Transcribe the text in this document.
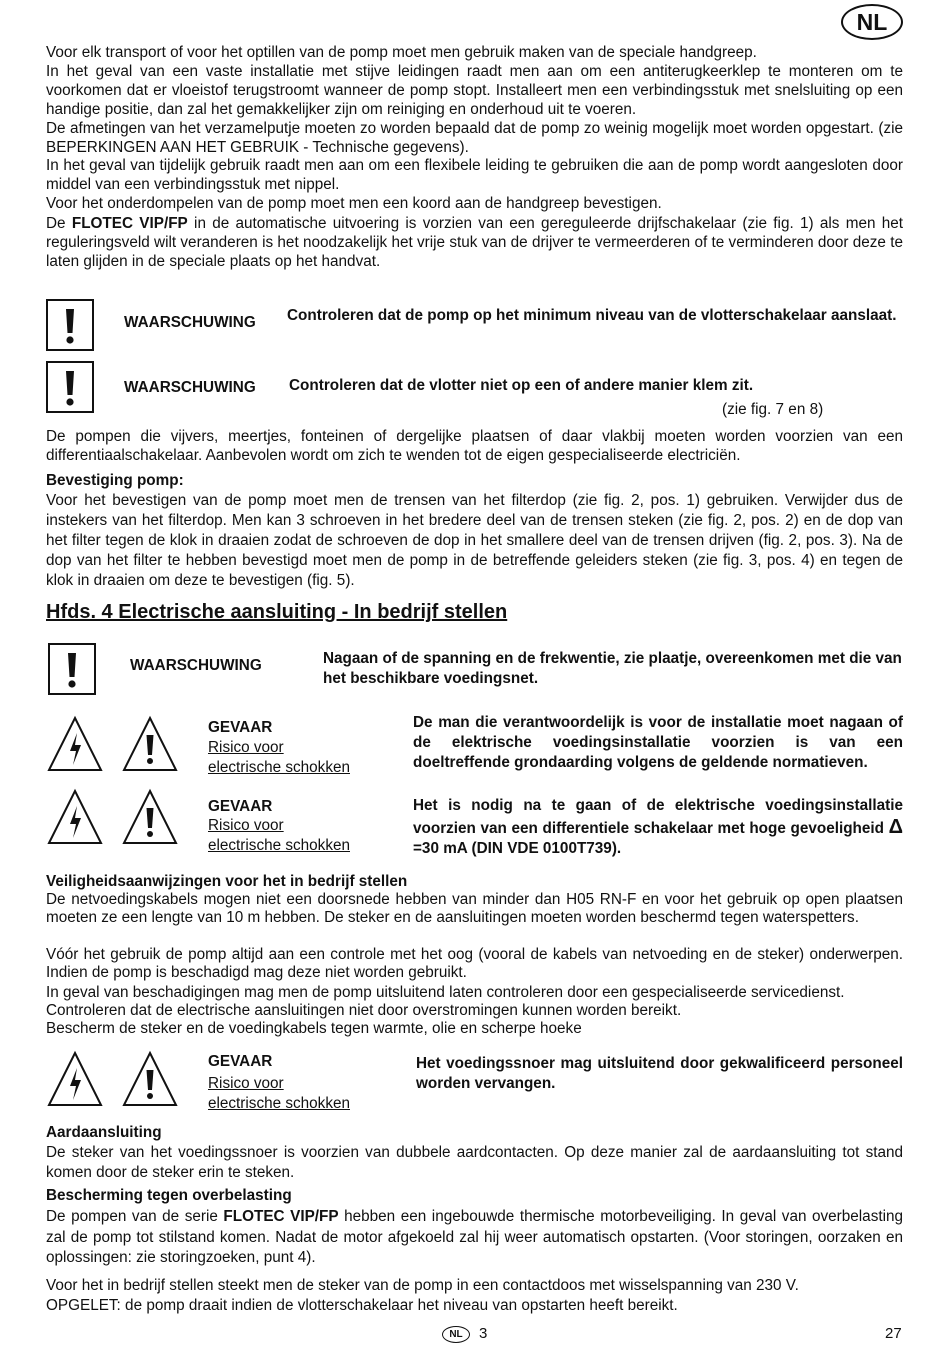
NL

Voor elk transport of voor het optillen van de pomp moet men gebruik maken van de speciale handgreep.

In het geval van een vaste installatie met stijve leidingen raadt men aan om een antiterugkeerklep te monteren om te voorkomen dat er vloeistof terugstroomt wanneer de pomp stopt. Installeert men een verbindingsstuk met snelsluiting op een handige positie, dan zal het gemakkelijker zijn om reiniging en onderhoud uit te voeren.

De afmetingen van het verzamelputje moeten zo worden bepaald dat de pomp zo weinig mogelijk moet worden opgestart. (zie BEPERKINGEN AAN HET GEBRUIK - Technische gegevens).

In het geval van tijdelijk gebruik raadt men aan om een flexibele leiding te gebruiken die aan de pomp wordt aangesloten door middel van een verbindingsstuk met nippel.

Voor het onderdompelen van de pomp moet men een koord aan de handgreep bevestigen.

De FLOTEC VIP/FP in de automatische uitvoering is vorzien van een gereguleerde drijfschakelaar (zie fig. 1) als men het reguleringsveld wilt veranderen is het noodzakelijk het vrije stuk van de drijver te vermeerderen of te verminderen door deze te laten glijden in de speciale plaats op het handvat.

WAARSCHUWING Controleren dat de pomp op het minimum niveau van de vlotterschakelaar aanslaat.
WAARSCHUWING Controleren dat de vlotter niet op een of andere manier klem zit.
(zie fig. 7 en 8)

De pompen die vijvers, meertjes, fonteinen of dergelijke plaatsen of daar vlakbij moeten worden voorzien van een differentiaalschakelaar. Aanbevolen wordt om zich te wenden tot de eigen gespecialiseerde electriciën.

Bevestiging pomp:

Voor het bevestigen van de pomp moet men de trensen van het filterdop (zie fig. 2, pos. 1) gebruiken. Verwijder dus de instekers van het filterdop. Men kan 3 schroeven in het bredere deel van de trensen steken (zie fig. 2, pos. 2) en de dop van het filter tegen de klok in draaien zodat de schroeven de dop in het smallere deel van de trensen drijven (fig. 2, pos. 3). Na de dop van het filter te hebben bevestigd moet men de pomp in de betreffende geleiders steken (zie fig. 3, pos. 4) en tegen de klok in draaien om deze te bevestigen (fig. 5).

Hfds. 4 Electrische aansluiting - In bedrijf stellen
WAARSCHUWING	Nagaan of de spanning en de frekwentie, zie plaatje, overeenkomen met die van het beschikbare voedingsnet.
GEVAAR
Risico voor
electrische schokken
De man die verantwoordelijk is voor de installatie moet nagaan of de elektrische voedingsinstallatie voorzien is van een doeltreffende grondaarding volgens de geldende normatieven.
GEVAAR
Risico voor
electrische schokken
Het is nodig na te gaan of de elektrische voedingsinstallatie voorzien van een differentiele schakelaar met hoge gevoeligheid Δ =30 mA (DIN VDE 0100T739).

Veiligheidsaanwijzingen voor het in bedrijf stellen

De netvoedingskabels mogen niet een doorsnede hebben van minder dan H05 RN-F en voor het gebruik op open plaatsen moeten ze een lengte van 10 m hebben. De steker en de aansluitingen moeten worden beschermd tegen waterspetters.

Vóór het gebruik de pomp altijd aan een controle met het oog (vooral de kabels van netvoeding en de steker) onderwerpen. Indien de pomp is beschadigd mag deze niet worden gebruikt.

In geval van beschadigingen mag men de pomp uitsluitend laten controleren door een gespecialiseerde servicedienst.

Controleren dat de electrische aansluitingen niet door overstromingen kunnen worden bereikt.

Bescherm de steker en de voedingkabels tegen warmte, olie en scherpe hoeke

GEVAAR
Risico voor
electrische schokken
Het voedingssnoer mag uitsluitend door gekwalificeerd personeel worden vervangen.

Aardaansluiting

De steker van het voedingssnoer is voorzien van dubbele aardcontacten. Op deze manier zal de aardaansluiting tot stand komen door de steker erin te steken.

Bescherming tegen overbelasting

De pompen van de serie FLOTEC VIP/FP hebben een ingebouwde thermische motorbeveiliging. In geval van overbelasting zal de pomp tot stilstand komen. Nadat de motor afgekoeld zal hij weer automatisch opstarten. (Voor storingen, oorzaken en oplossingen: zie storingzoeken, punt 4).

Voor het in bedrijf stellen steekt men de steker van de pomp in een contactdoos met wisselspanning van 230 V.

OPGELET: de pomp draait indien de vlotterschakelaar het niveau van opstarten heeft bereikt.

NL	3	27
